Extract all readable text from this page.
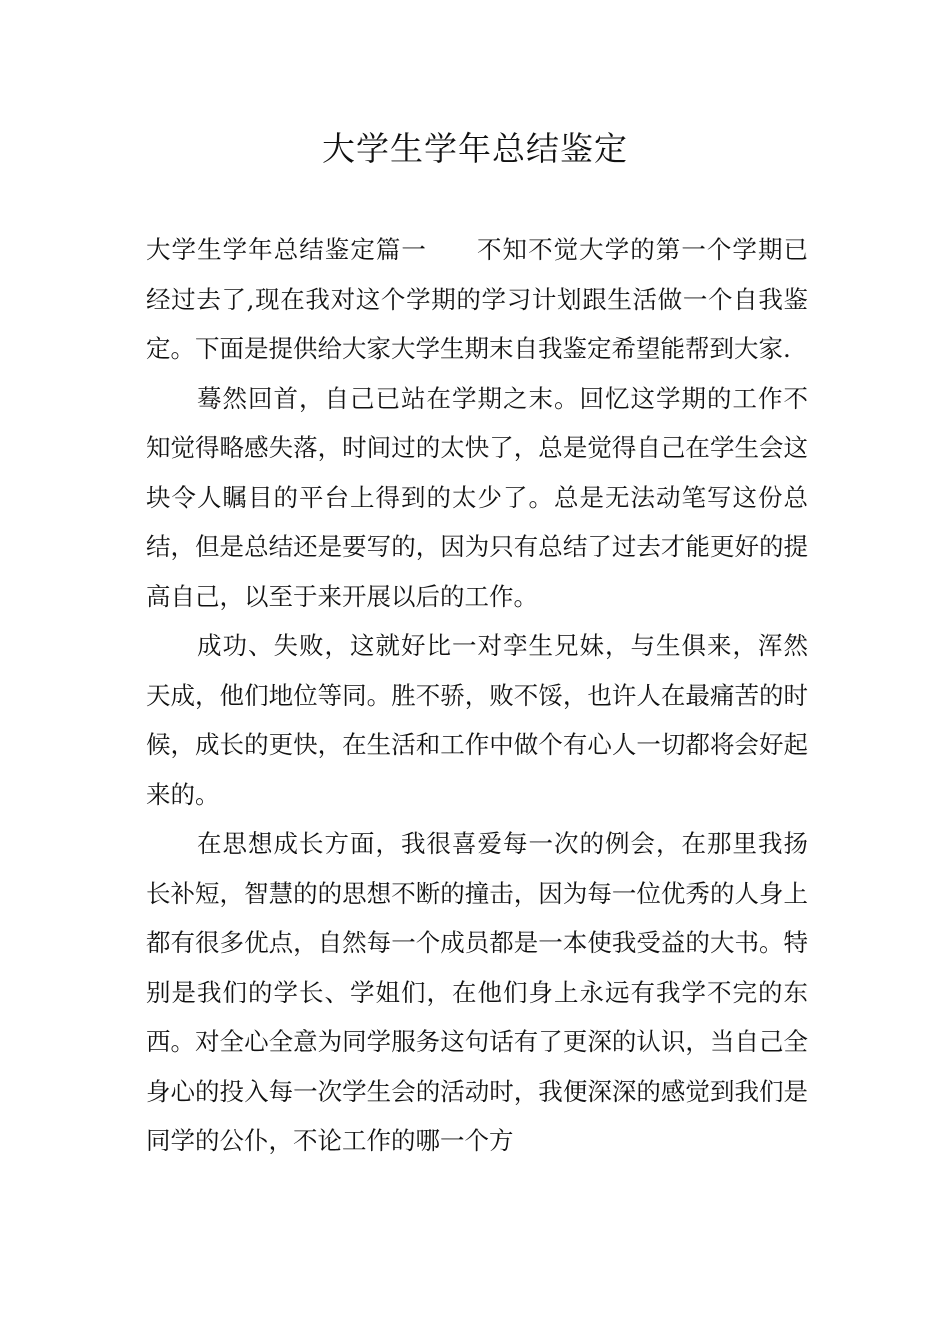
大学生学年总结鉴定

大学生学年总结鉴定篇一 不知不觉大学的第一个学期已经过去了,现在我对这个学期的学习计划跟生活做一个自我鉴定。下面是提供给大家大学生期末自我鉴定希望能帮到大家.

蓦然回首，自己已站在学期之末。回忆这学期的工作不知觉得略感失落，时间过的太快了，总是觉得自己在学生会这块令人瞩目的平台上得到的太少了。总是无法动笔写这份总结，但是总结还是要写的，因为只有总结了过去才能更好的提高自己，以至于来开展以后的工作。

成功、失败，这就好比一对孪生兄妹，与生俱来，浑然天成，他们地位等同。胜不骄，败不馁，也许人在最痛苦的时候，成长的更快，在生活和工作中做个有心人一切都将会好起来的。

在思想成长方面，我很喜爱每一次的例会，在那里我扬长补短，智慧的的思想不断的撞击，因为每一位优秀的人身上都有很多优点，自然每一个成员都是一本使我受益的大书。特别是我们的学长、学姐们，在他们身上永远有我学不完的东西。对全心全意为同学服务这句话有了更深的认识，当自己全身心的投入每一次学生会的活动时，我便深深的感觉到我们是同学的公仆，不论工作的哪一个方
